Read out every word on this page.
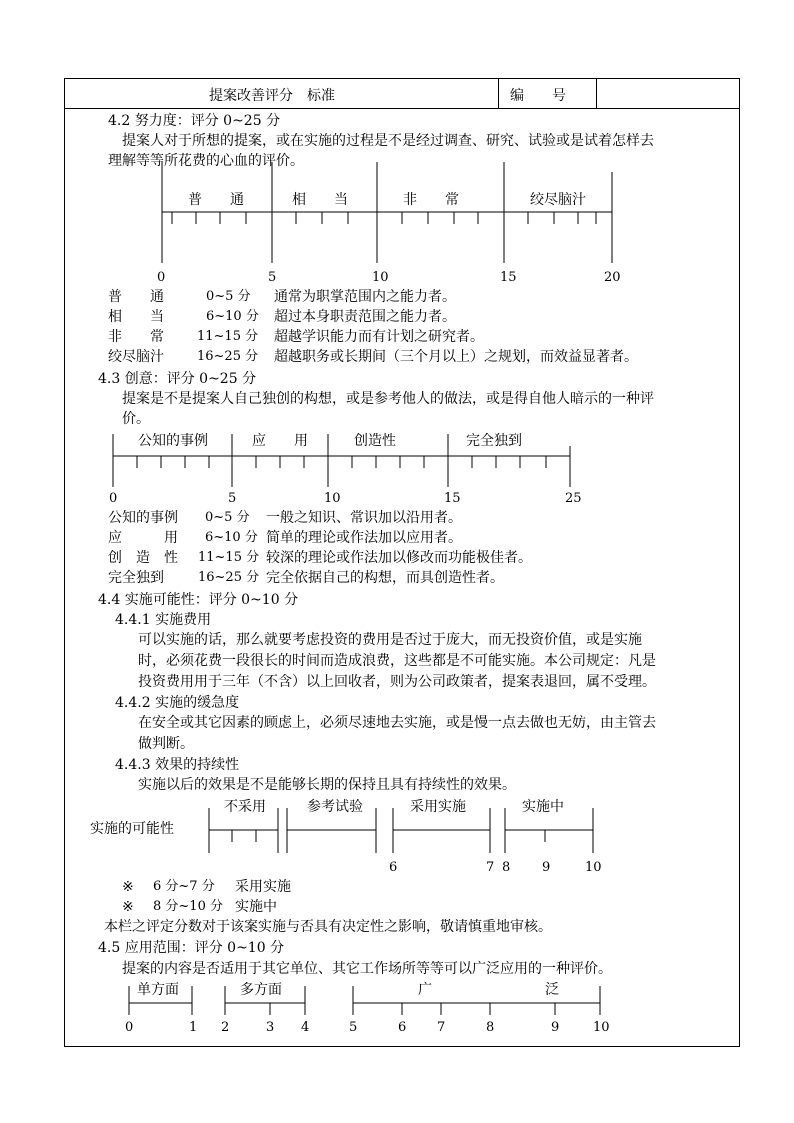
提案改善评分　标准	编　　号
4.2 努力度：评分 0~25 分
提案人对于所想的提案，或在实施的过程是不是经过调查、研究、试验或是试着怎样去
理解等等所花费的心血的评价。
普　　通	相　　当	非　　常	绞尽脑汁
0	5	10	15	20
普　　通	0~5 分 通常为职掌范围内之能力者。
相　　当	6~10 分 超过本身职责范围之能力者。
非　　常	11~15 分 超越学识能力而有计划之研究者。
绞尽脑汁	16~25 分 超越职务或长期间（三个月以上）之规划，而效益显著者。
4.3 创意：评分 0~25 分
提案是不是提案人自己独创的构想，或是参考他人的做法，或是得自他人暗示的一种评
价。
公知的事例	应　　用	创造性	完全独到
0	5	10	15	25
公知的事例 0~5 分 一般之知识、常识加以沿用者。
应　　　用 6~10 分 简单的理论或作法加以应用者。
创　造　性 11~15 分 较深的理论或作法加以修改而功能极佳者。
完全独到	16~25 分 完全依据自己的构想，而具创造性者。
4.4 实施可能性：评分 0~10 分
4.4.1 实施费用
可以实施的话，那么就要考虑投资的费用是否过于庞大，而无投资价值，或是实施
时，必须花费一段很长的时间而造成浪费，这些都是不可能实施。本公司规定：凡是
投资费用用于三年（不含）以上回收者，则为公司政策者，提案表退回，属不受理。
4.4.2 实施的缓急度
在安全或其它因素的顾虑上，必须尽速地去实施，或是慢一点去做也无妨，由主管去
做判断。
4.4.3 效果的持续性
实施以后的效果是不是能够长期的保持且具有持续性的效果。
实施的可能性
不采用	参考试验	采用实施	实施中
6	7 8 9	10
※ 6 分~7 分 采用实施
※ 8 分~10 分 实施中
本栏之评定分数对于该案实施与否具有决定性之影响，敬请慎重地审核。
4.5 应用范围：评分 0~10 分
提案的内容是否适用于其它单位、其它工作场所等等可以广泛应用的一种评价。
单方面	多方面	广	泛
0	1 2	3 4	5	6 7	8	9	10
